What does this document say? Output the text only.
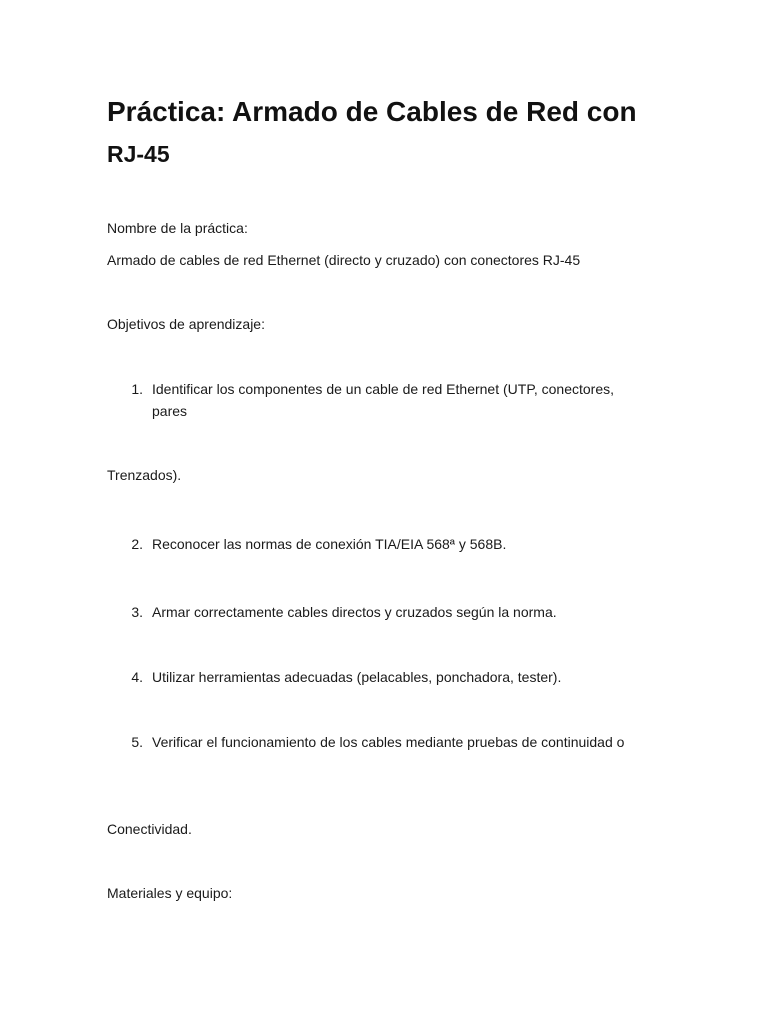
Práctica: Armado de Cables de Red con
RJ-45

Nombre de la práctica:

Armado de cables de red Ethernet (directo y cruzado) con conectores RJ-45

Objetivos de aprendizaje:

1. Identificar los componentes de un cable de red Ethernet (UTP, conectores,
pares

Trenzados).

2. Reconocer las normas de conexión TIA/EIA 568ª y 568B.
3. Armar correctamente cables directos y cruzados según la norma.
4. Utilizar herramientas adecuadas (pelacables, ponchadora, tester).
5. Verificar el funcionamiento de los cables mediante pruebas de continuidad o

Conectividad.

Materiales y equipo:
